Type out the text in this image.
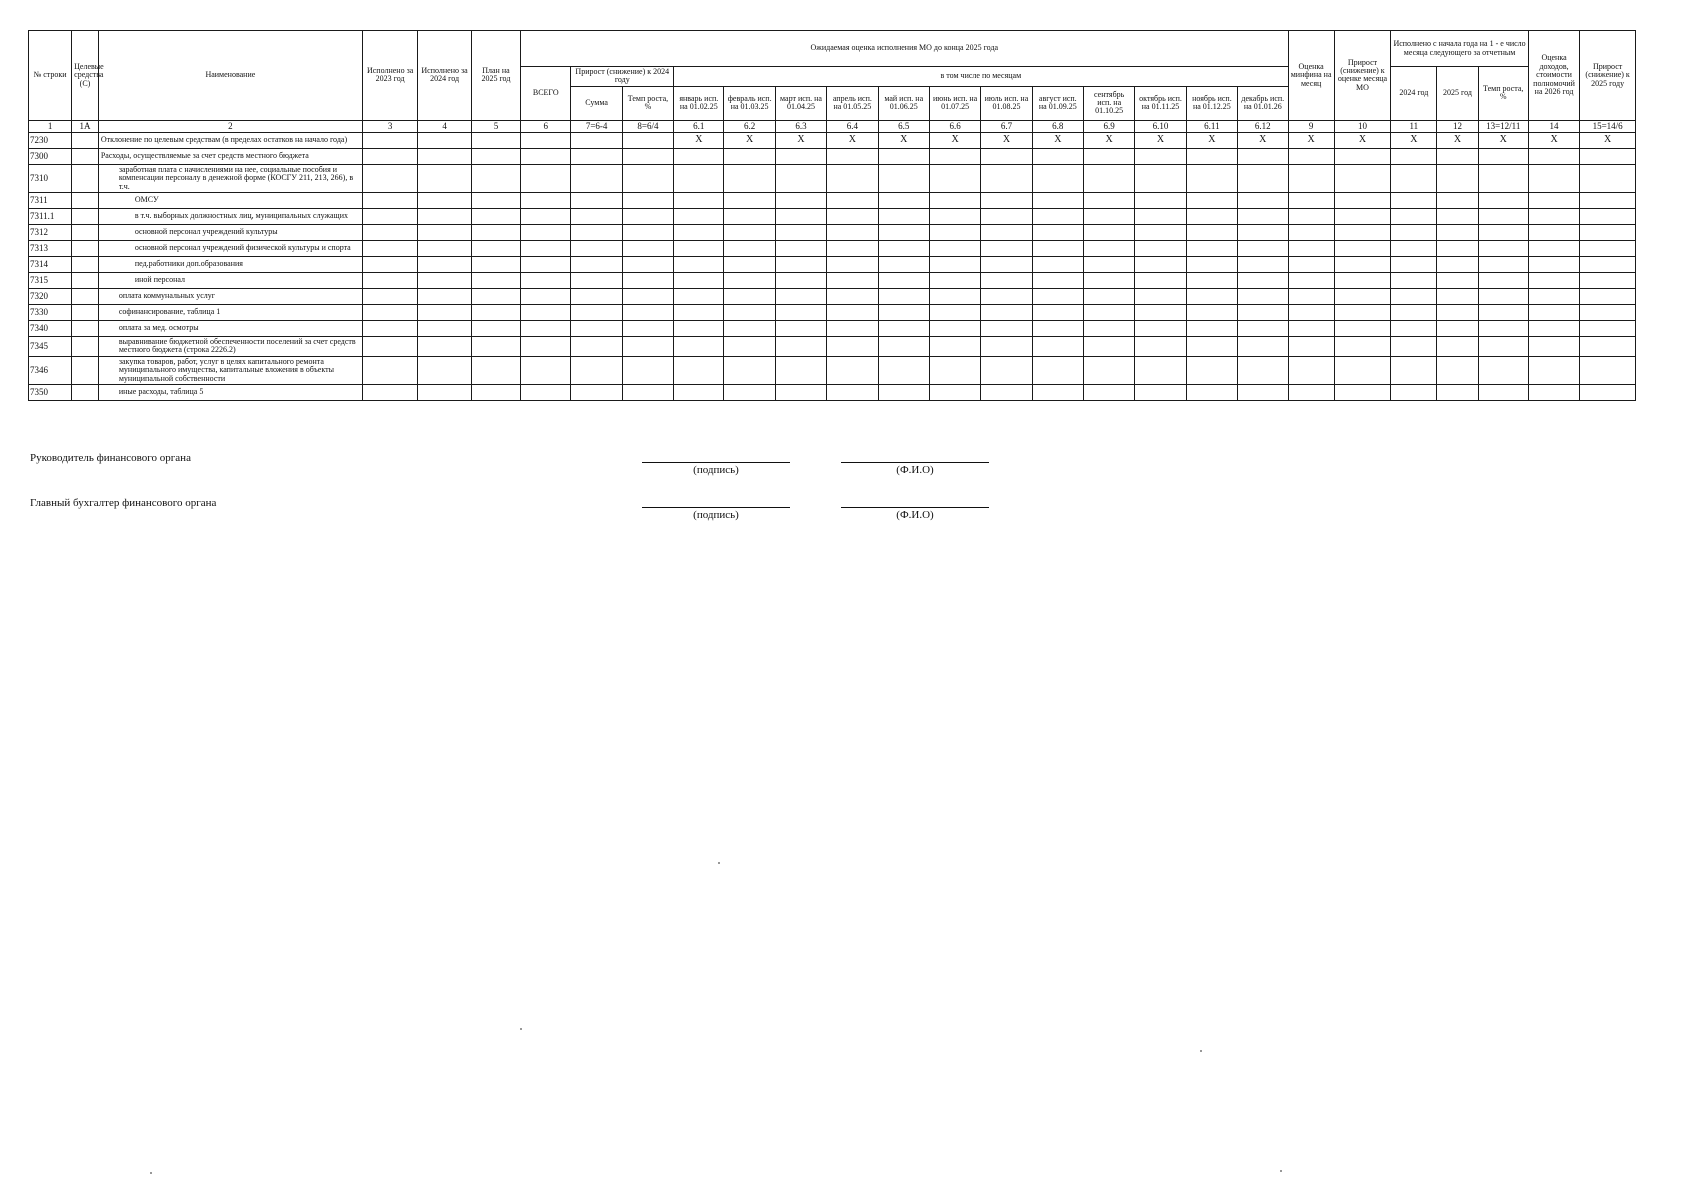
№ строки	Целевые средства (С)	Наименование	Исполнено за 2023 год	Исполнено за 2024 год	План на 2025 год	Ожидаемая оценка исполнения МО до конца 2025 года															Оценка минфина на месяц	Прирост (снижение) к оценке месяца МО	Исполнено с начала года на 1 - е число месяца следующего за отчетным			Оценка доходов, стоимости полномочий на 2026 год	Прирост (снижение) к 2025 году
						ВСЕГО	Прирост (снижение) к 2024 году		в том числе по месяцам														2024 год	2025 год	Темп роста, %		
							Сумма	Темп роста, %	январь исп. на 01.02.25	февраль исп. на 01.03.25	март исп. на 01.04.25	апрель исп. на 01.05.25	май исп. на 01.06.25	июнь исп. на 01.07.25	июль исп. на 01.08.25	август исп. на 01.09.25	сентябрь исп. на 01.10.25	октябрь исп. на 01.11.25	ноябрь исп. на 01.12.25	декабрь исп. на 01.01.26							
1	1А	2	3	4	5	6	7=6-4	8=6/4	6.1	6.2	6.3	6.4	6.5	6.6	6.7	6.8	6.9	6.10	6.11	6.12	9	10	11	12	13=12/11	14	15=14/6
7230		Отклонение по целевым средствам (в пределах остатков на начало года)							X	X	X	X	X	X	X	X	X	X	X	X	X	X	X	X	X	X	X
7300		Расходы, осуществляемые за счет средств местного бюджета																									
7310		заработная плата с начислениями на нее, социальные пособия и компенсации персоналу в денежной форме (КОСГУ 211, 213, 266), в т.ч.																									
7311		ОМСУ																									
7311.1		в т.ч. выборных должностных лиц, муниципальных служащих																									
7312		основной персонал учреждений культуры																									
7313		основной персонал учреждений физической культуры и спорта																									
7314		пед.работники доп.образования																									
7315		иной персонал																									
7320		оплата коммунальных услуг																									
7330		софинансирование, таблица 1																									
7340		оплата за мед. осмотры																									
7345		выравнивание бюджетной обеспеченности поселений за счет средств местного бюджета (строка 2226.2)																									
7346		закупка товаров, работ, услуг в целях капитального ремонта муниципального имущества, капитальные вложения в объекты муниципальной собственности																									
7350		иные расходы, таблица 5																									
Руководитель финансового органа
(подпись)	(Ф.И.О)
Главный бухгалтер финансового органа
(подпись)	(Ф.И.О)
